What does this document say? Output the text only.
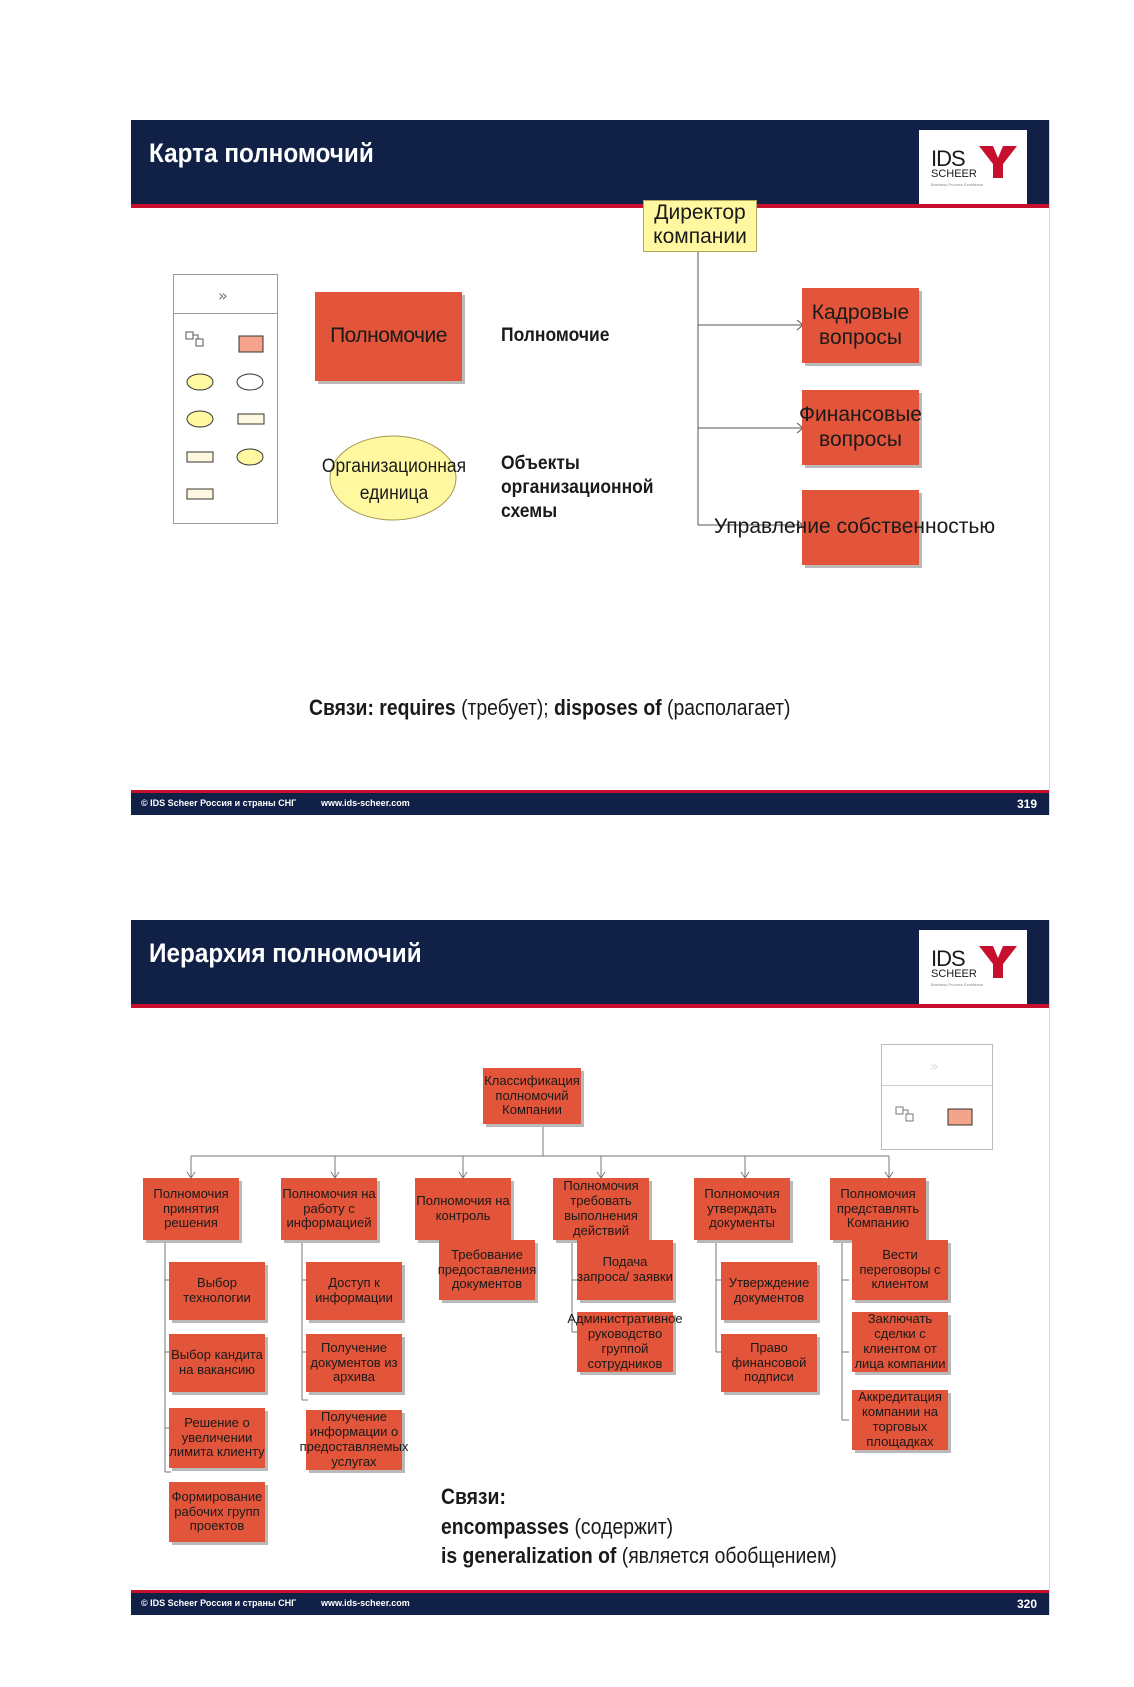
Карта полномочий	IDS
SCHEER
Business Process Excellence
»
Полномочие	Полномочие
Организационная единица
Объекты организационной схемы
Директор компании
Кадровые вопросы
Финансовые вопросы
Управление собственностью
Связи: requires (требует); disposes of (располагает)
© IDS Scheer Россия и страны СНГ	www.ids-scheer.com	319
Иерархия полномочий	IDS
SCHEER
Business Process Excellence
»
Классификация полномочий Компании
Полномочия принятия решения
Полномочия на работу с информацией
Полномочия на контроль
Полномочия требовать выполнения действий
Полномочия утверждать документы
Полномочия представлять Компанию
Выбор технологии
Выбор кандита на вакансию
Решение о увеличении лимита клиенту
Формирование рабочих групп проектов
Доступ к информации
Получение документов из архива
Получение информации о предоставляемых услугах
Требование предоставления документов
Подача запроса/ заявки
Административное руководство группой сотрудников
Утверждение документов
Право финансовой подписи
Вести переговоры с клиентом
Заключать сделки с клиентом от лица компании
Аккредитация компании на торговых площадках
Связи:
encompasses (содержит)
is generalization of (является обобщением)
© IDS Scheer Россия и страны СНГ	www.ids-scheer.com	320
